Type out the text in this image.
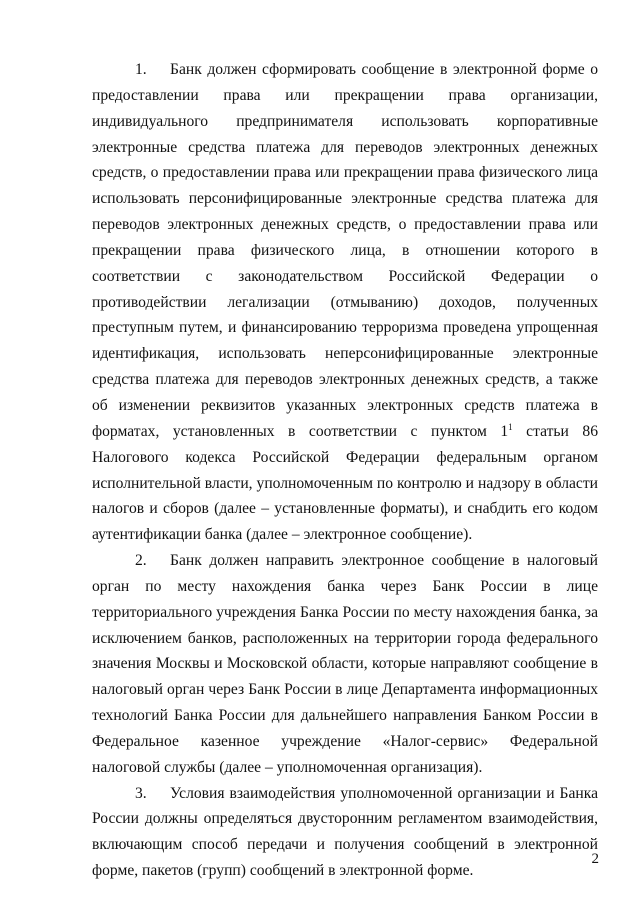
1. Банк должен сформировать сообщение в электронной форме о предоставлении права или прекращении права организации, индивидуального предпринимателя использовать корпоративные электронные средства платежа для переводов электронных денежных средств, о предоставлении права или прекращении права физического лица использовать персонифицированные электронные средства платежа для переводов электронных денежных средств, о предоставлении права или прекращении права физического лица, в отношении которого в соответствии с законодательством Российской Федерации о противодействии легализации (отмыванию) доходов, полученных преступным путем, и финансированию терроризма проведена упрощенная идентификация, использовать неперсонифицированные электронные средства платежа для переводов электронных денежных средств, а также об изменении реквизитов указанных электронных средств платежа в форматах, установленных в соответствии с пунктом $1^1$ статьи 86 Налогового кодекса Российской Федерации федеральным органом исполнительной власти, уполномоченным по контролю и надзору в области налогов и сборов (далее – установленные форматы), и снабдить его кодом аутентификации банка (далее – электронное сообщение).

2. Банк должен направить электронное сообщение в налоговый орган по месту нахождения банка через Банк России в лице территориального учреждения Банка России по месту нахождения банка, за исключением банков, расположенных на территории города федерального значения Москвы и Московской области, которые направляют сообщение в налоговый орган через Банк России в лице Департамента информационных технологий Банка России для дальнейшего направления Банком России в Федеральное казенное учреждение «Налог-сервис» Федеральной налоговой службы (далее – уполномоченная организация).

3. Условия взаимодействия уполномоченной организации и Банка России должны определяться двусторонним регламентом взаимодействия, включающим способ передачи и получения сообщений в электронной форме, пакетов (групп) сообщений в электронной форме.

2
